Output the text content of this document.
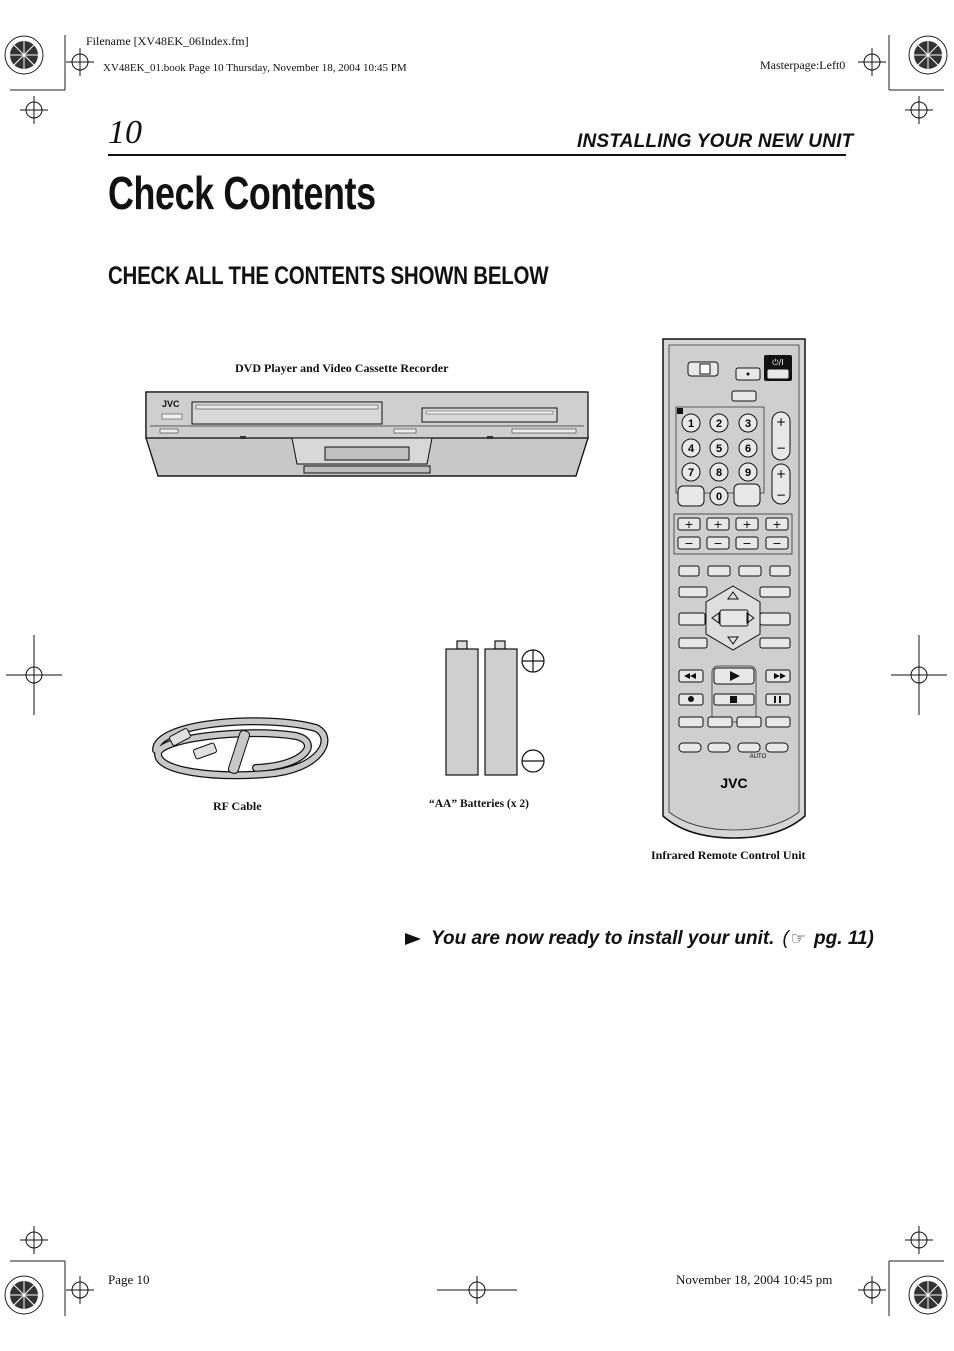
Filename [XV48EK_06Index.fm]
XV48EK_01.book Page 10 Thursday, November 18, 2004 10:45 PM	Masterpage:Left0
10	INSTALLING YOUR NEW UNIT
Check Contents
CHECK ALL THE CONTENTS SHOWN BELOW
DVD Player and Video Cassette Recorder
JVC
⏻/I
1 2 3
4 5 6
7 8 9
0
+
−
+
−
+ + + +
− − − −
AUTO
JVC
RF Cable	“AA” Batteries (x 2)
Infrared Remote Control Unit
You are now ready to install your unit. ( ☞ pg. 11)
Page 10	November 18, 2004 10:45 pm
